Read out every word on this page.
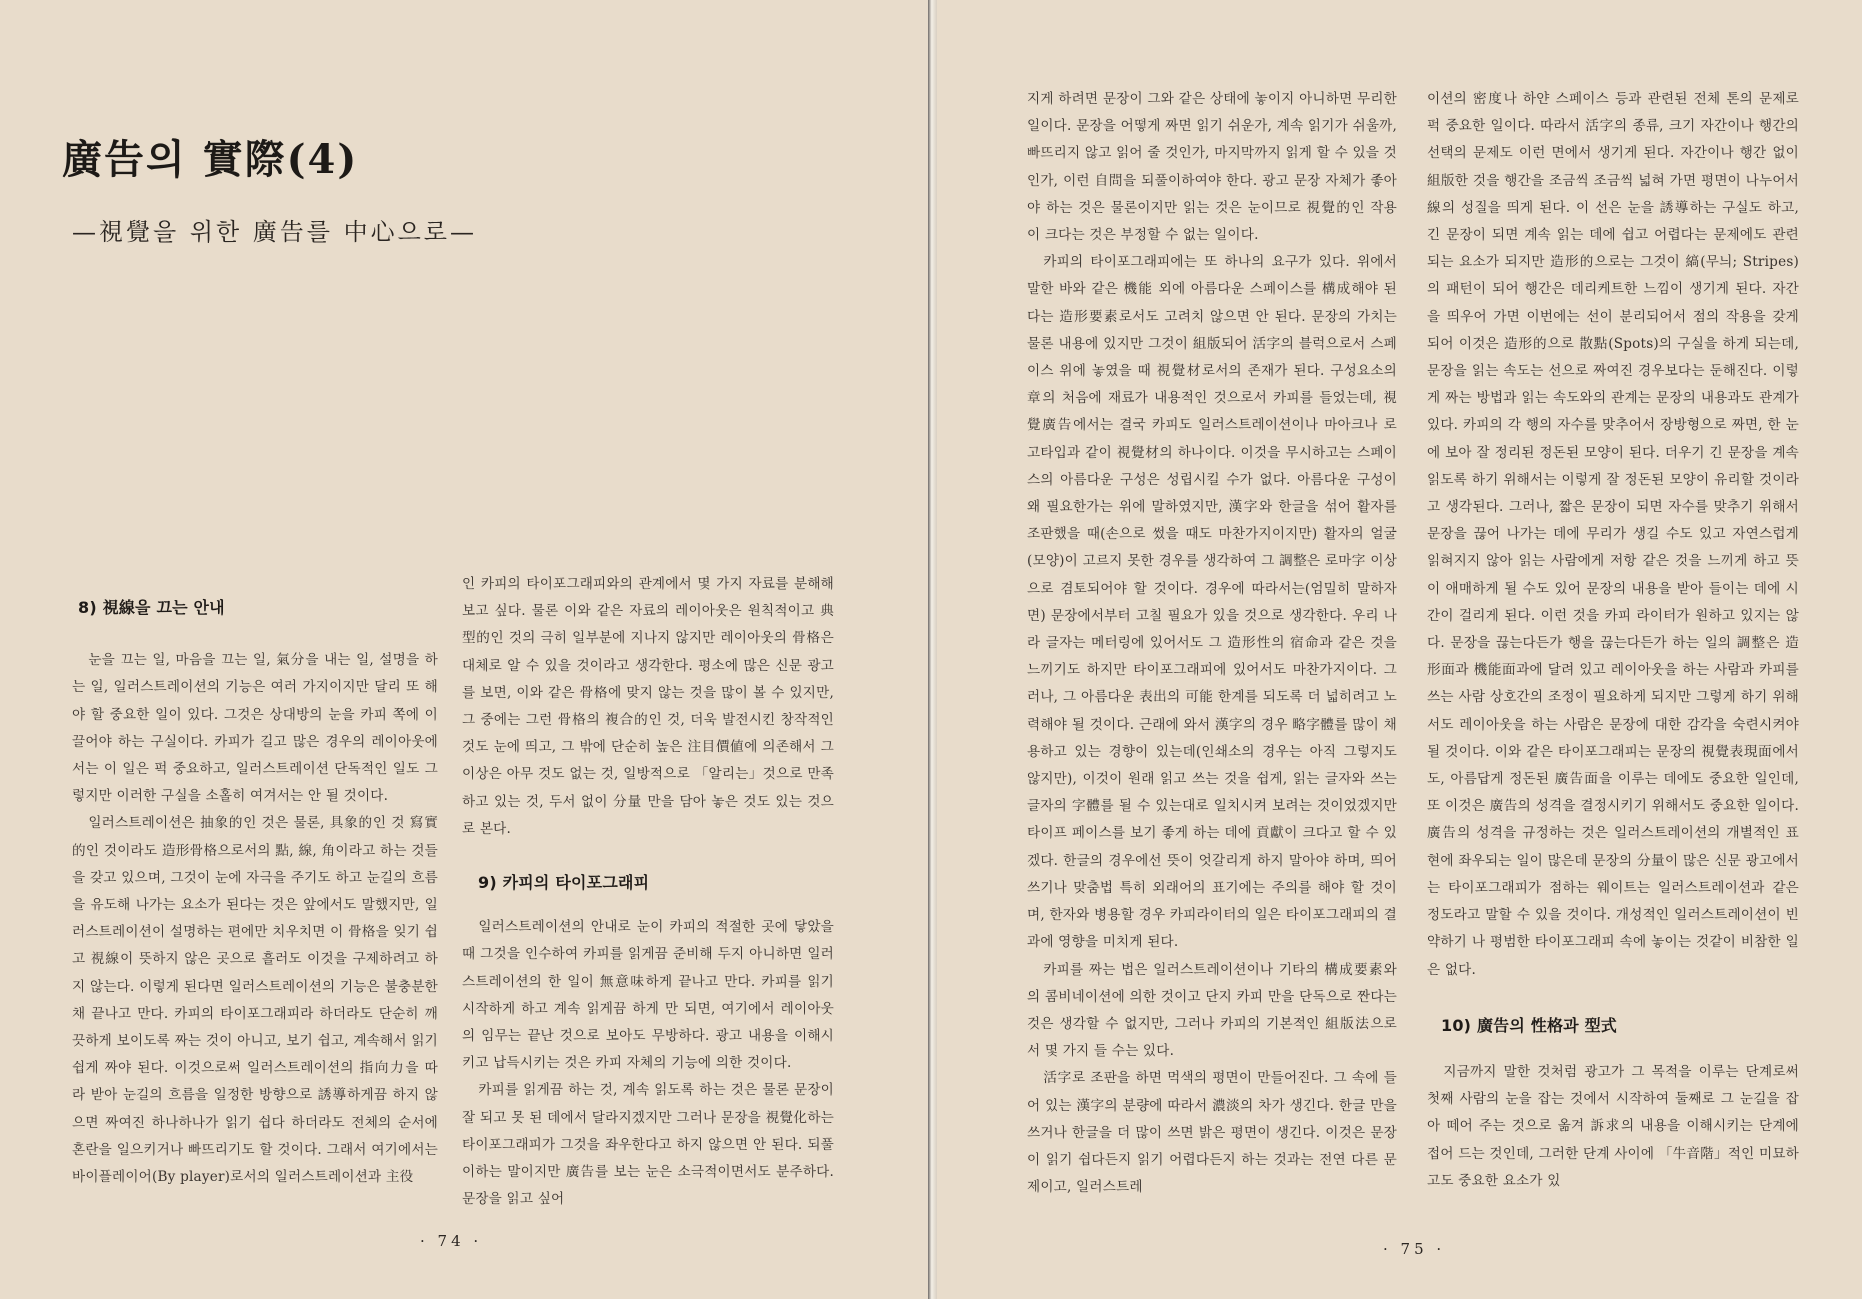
廣告의 實際(4)
—視覺을 위한 廣告를 中心으로—

8) 視線을 끄는 안내

눈을 끄는 일, 마음을 끄는 일, 氣分을 내는 일, 설명을 하는 일, 일러스트레이션의 기능은 여러 가지이지만 달리 또 해야 할 중요한 일이 있다. 그것은 상대방의 눈을 카피 쪽에 이끌어야 하는 구실이다. 카피가 길고 많은 경우의 레이아웃에서는 이 일은 퍽 중요하고, 일러스트레이션 단독적인 일도 그렇지만 이러한 구실을 소홀히 여겨서는 안 될 것이다.

일러스트레이션은 抽象的인 것은 물론, 具象的인 것 寫實的인 것이라도 造形骨格으로서의 點, 線, 角이라고 하는 것들을 갖고 있으며, 그것이 눈에 자극을 주기도 하고 눈길의 흐름을 유도해 나가는 요소가 된다는 것은 앞에서도 말했지만, 일러스트레이션이 설명하는 편에만 치우치면 이 骨格을 잊기 쉽고 視線이 뜻하지 않은 곳으로 흘러도 이것을 구제하려고 하지 않는다. 이렇게 된다면 일러스트레이션의 기능은 불충분한 채 끝나고 만다. 카피의 타이포그래피라 하더라도 단순히 깨끗하게 보이도록 짜는 것이 아니고, 보기 쉽고, 계속해서 읽기 쉽게 짜야 된다. 이것으로써 일러스트레이션의 指向力을 따라 받아 눈길의 흐름을 일정한 방향으로 誘導하게끔 하지 않으면 짜여진 하나하나가 읽기 쉽다 하더라도 전체의 순서에 혼란을 일으키거나 빠뜨리기도 할 것이다. 그래서 여기에서는 바이플레이어(By player)로서의 일러스트레이션과 主役

인 카피의 타이포그래피와의 관계에서 몇 가지 자료를 분해해 보고 싶다. 물론 이와 같은 자료의 레이아웃은 원칙적이고 典型的인 것의 극히 일부분에 지나지 않지만 레이아웃의 骨格은 대체로 알 수 있을 것이라고 생각한다. 평소에 많은 신문 광고를 보면, 이와 같은 骨格에 맞지 않는 것을 많이 볼 수 있지만, 그 중에는 그런 骨格의 複合的인 것, 더욱 발전시킨 창작적인 것도 눈에 띄고, 그 밖에 단순히 높은 注目價値에 의존해서 그 이상은 아무 것도 없는 것, 일방적으로 「알리는」것으로 만족하고 있는 것, 두서 없이 分量 만을 담아 놓은 것도 있는 것으로 본다.

9) 카피의 타이포그래피

일러스트레이션의 안내로 눈이 카피의 적절한 곳에 닿았을 때 그것을 인수하여 카피를 읽게끔 준비해 두지 아니하면 일러스트레이션의 한 일이 無意味하게 끝나고 만다. 카피를 읽기 시작하게 하고 계속 읽게끔 하게 만 되면, 여기에서 레이아웃의 임무는 끝난 것으로 보아도 무방하다. 광고 내용을 이해시키고 납득시키는 것은 카피 자체의 기능에 의한 것이다.

카피를 읽게끔 하는 것, 계속 읽도록 하는 것은 물론 문장이 잘 되고 못 된 데에서 달라지겠지만 그러나 문장을 視覺化하는 타이포그래피가 그것을 좌우한다고 하지 않으면 안 된다. 되풀이하는 말이지만 廣告를 보는 눈은 소극적이면서도 분주하다. 문장을 읽고 싶어

· 74 ·

지게 하려면 문장이 그와 같은 상태에 놓이지 아니하면 무리한 일이다. 문장을 어떻게 짜면 읽기 쉬운가, 계속 읽기가 쉬울까, 빠뜨리지 않고 읽어 줄 것인가, 마지막까지 읽게 할 수 있을 것인가, 이런 自問을 되풀이하여야 한다. 광고 문장 자체가 좋아야 하는 것은 물론이지만 읽는 것은 눈이므로 視覺的인 작용이 크다는 것은 부정할 수 없는 일이다.

카피의 타이포그래피에는 또 하나의 요구가 있다. 위에서 말한 바와 같은 機能 외에 아름다운 스페이스를 構成해야 된다는 造形要素로서도 고려치 않으면 안 된다. 문장의 가치는 물론 내용에 있지만 그것이 組版되어 活字의 블럭으로서 스페이스 위에 놓였을 때 視覺材로서의 존재가 된다. 구성요소의 章의 처음에 재료가 내용적인 것으로서 카피를 들었는데, 視覺廣告에서는 결국 카피도 일러스트레이션이나 마아크나 로고타입과 같이 視覺材의 하나이다. 이것을 무시하고는 스페이스의 아름다운 구성은 성립시킬 수가 없다. 아름다운 구성이 왜 필요한가는 위에 말하였지만, 漢字와 한글을 섞어 활자를 조판했을 때(손으로 썼을 때도 마찬가지이지만) 활자의 얼굴(모양)이 고르지 못한 경우를 생각하여 그 調整은 로마字 이상으로 겸토되어야 할 것이다. 경우에 따라서는(엄밀히 말하자면) 문장에서부터 고칠 필요가 있을 것으로 생각한다. 우리 나라 글자는 메터링에 있어서도 그 造形性의 宿命과 같은 것을 느끼기도 하지만 타이포그래피에 있어서도 마찬가지이다. 그러나, 그 아름다운 表出의 可能 한계를 되도록 더 넓히려고 노력해야 될 것이다. 근래에 와서 漢字의 경우 略字體를 많이 채용하고 있는 경향이 있는데(인쇄소의 경우는 아직 그렇지도 않지만), 이것이 원래 읽고 쓰는 것을 쉽게, 읽는 글자와 쓰는 글자의 字體를 될 수 있는대로 일치시켜 보려는 것이었겠지만 타이프 페이스를 보기 좋게 하는 데에 貢獻이 크다고 할 수 있겠다. 한글의 경우에선 뜻이 엇갈리게 하지 말아야 하며, 띄어 쓰기나 맞춤법 특히 외래어의 표기에는 주의를 해야 할 것이며, 한자와 병용할 경우 카피라이터의 일은 타이포그래피의 결과에 영향을 미치게 된다.

카피를 짜는 법은 일러스트레이션이나 기타의 構成要素와의 콤비네이션에 의한 것이고 단지 카피 만을 단독으로 짠다는 것은 생각할 수 없지만, 그러나 카피의 기본적인 組版法으로서 몇 가지 들 수는 있다.

活字로 조판을 하면 먹색의 평면이 만들어진다. 그 속에 들어 있는 漢字의 분량에 따라서 濃淡의 차가 생긴다. 한글 만을 쓰거나 한글을 더 많이 쓰면 밝은 평면이 생긴다. 이것은 문장이 읽기 쉽다든지 읽기 어렵다든지 하는 것과는 전연 다른 문제이고, 일러스트레

이션의 密度나 하얀 스페이스 등과 관련된 전체 톤의 문제로 퍽 중요한 일이다. 따라서 活字의 종류, 크기 자간이나 행간의 선택의 문제도 이런 면에서 생기게 된다. 자간이나 행간 없이 組版한 것을 행간을 조금씩 조금씩 넓혀 가면 평면이 나누어서 線의 성질을 띄게 된다. 이 선은 눈을 誘導하는 구실도 하고, 긴 문장이 되면 계속 읽는 데에 쉽고 어렵다는 문제에도 관련되는 요소가 되지만 造形的으로는 그것이 縞(무늬; Stripes)의 패턴이 되어 행간은 데리케트한 느낌이 생기게 된다. 자간을 띄우어 가면 이번에는 선이 분리되어서 점의 작용을 갖게 되어 이것은 造形的으로 散點(Spots)의 구실을 하게 되는데, 문장을 읽는 속도는 선으로 짜여진 경우보다는 둔해진다. 이렇게 짜는 방법과 읽는 속도와의 관계는 문장의 내용과도 관계가 있다. 카피의 각 행의 자수를 맞추어서 장방형으로 짜면, 한 눈에 보아 잘 정리된 정돈된 모양이 된다. 더우기 긴 문장을 계속 읽도록 하기 위해서는 이렇게 잘 정돈된 모양이 유리할 것이라고 생각된다. 그러나, 짧은 문장이 되면 자수를 맞추기 위해서 문장을 끊어 나가는 데에 무리가 생길 수도 있고 자연스럽게 읽혀지지 않아 읽는 사람에게 저항 같은 것을 느끼게 하고 뜻이 애매하게 될 수도 있어 문장의 내용을 받아 들이는 데에 시간이 걸리게 된다. 이런 것을 카피 라이터가 원하고 있지는 않다. 문장을 끊는다든가 행을 끊는다든가 하는 일의 調整은 造形面과 機能面과에 달려 있고 레이아웃을 하는 사람과 카피를 쓰는 사람 상호간의 조정이 필요하게 되지만 그렇게 하기 위해서도 레이아웃을 하는 사람은 문장에 대한 감각을 숙련시켜야 될 것이다. 이와 같은 타이포그래피는 문장의 視覺表現面에서도, 아름답게 정돈된 廣告面을 이루는 데에도 중요한 일인데, 또 이것은 廣告의 성격을 결정시키기 위해서도 중요한 일이다. 廣告의 성격을 규정하는 것은 일러스트레이션의 개별적인 표현에 좌우되는 일이 많은데 문장의 分量이 많은 신문 광고에서는 타이포그래피가 점하는 웨이트는 일러스트레이션과 같은 정도라고 말할 수 있을 것이다. 개성적인 일러스트레이션이 빈약하기 나 평범한 타이포그래피 속에 놓이는 것같이 비참한 일은 없다.

10) 廣告의 性格과 型式

지금까지 말한 것처럼 광고가 그 목적을 이루는 단계로써 첫째 사람의 눈을 잡는 것에서 시작하여 둘째로 그 눈길을 잡아 떼어 주는 것으로 옮겨 訴求의 내용을 이해시키는 단계에 접어 드는 것인데, 그러한 단계 사이에 「牛音階」적인 미묘하고도 중요한 요소가 있

· 75 ·
